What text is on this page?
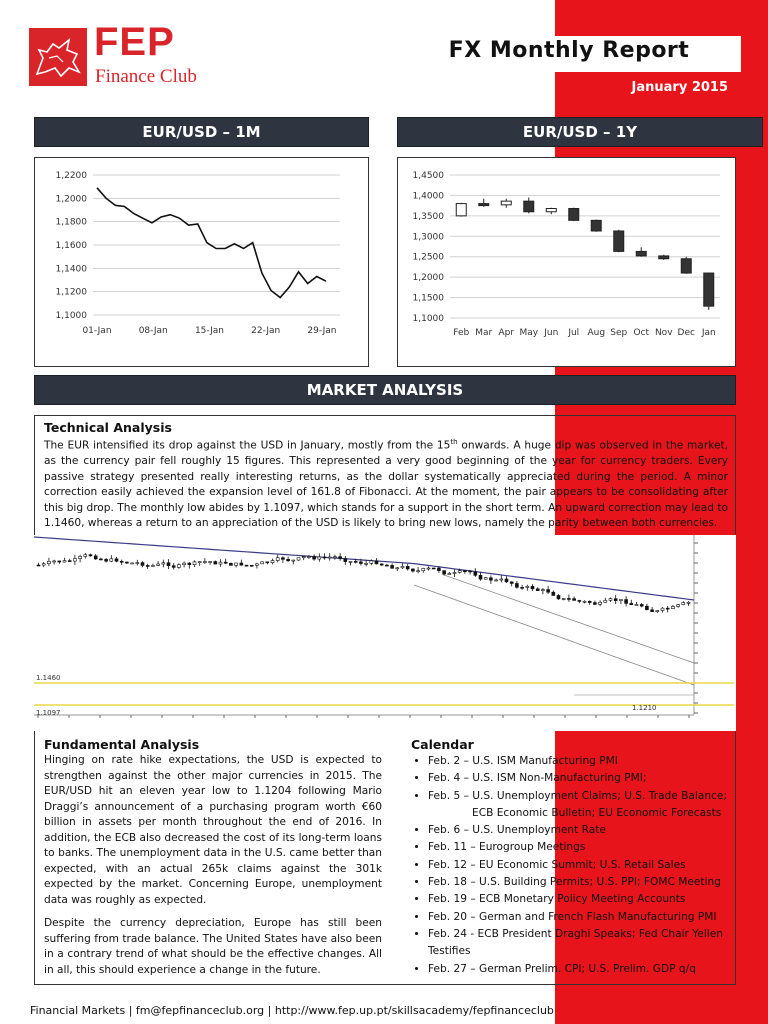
FEP
Finance Club
FX Monthly Report
January 2015
EUR/USD – 1M	EUR/USD – 1Y
1,2200
1,2000
1,1800
1,1600
1,1400
1,1200
1,1000
01-Jan	08-Jan	15-Jan	22-Jan	29-Jan
1,4500
1,4000
1,3500
1,3000
1,2500
1,2000
1,1500
1,1000
Feb Mar Apr May Jun Jul Aug Sep Oct Nov Dec Jan
MARKET ANALYSIS
Technical Analysis
The EUR intensified its drop against the USD in January, mostly from the 15th onwards. A huge dip was observed in the market, as the currency pair fell roughly 15 figures. This represented a very good beginning of the year for currency traders. Every passive strategy presented really interesting returns, as the dollar systematically appreciated during the period. A minor correction easily achieved the expansion level of 161.8 of Fibonacci. At the moment, the pair appears to be consolidating after this big drop. The monthly low abides by 1.1097, which stands for a support in the short term. An upward correction may lead to 1.1460, whereas a return to an appreciation of the USD is likely to bring new lows, namely the parity between both currencies.
1.1460
1.1097
1.1210
Fundamental Analysis
Hinging on rate hike expectations, the USD is expected to strengthen against the other major currencies in 2015. The EUR/USD hit an eleven year low to 1.1204 following Mario Draggi’s announcement of a purchasing program worth €60 billion in assets per month throughout the end of 2016. In addition, the ECB also decreased the cost of its long-term loans to banks. The unemployment data in the U.S. came better than expected, with an actual 265k claims against the 301k expected by the market. Concerning Europe, unemployment data was roughly as expected.
Despite the currency depreciation, Europe has still been suffering from trade balance. The United States have also been in a contrary trend of what should be the effective changes. All in all, this should experience a change in the future.
Calendar
• Feb. 2 – U.S. ISM Manufacturing PMI
• Feb. 4 – U.S. ISM Non-Manufacturing PMI;
• Feb. 5 – U.S. Unemployment Claims; U.S. Trade Balance;
ECB Economic Bulletin; EU Economic Forecasts
• Feb. 6 – U.S. Unemployment Rate
• Feb. 11 – Eurogroup Meetings
• Feb. 12 – EU Economic Summit; U.S. Retail Sales
• Feb. 18 – U.S. Building Permits; U.S. PPI; FOMC Meeting
• Feb. 19 – ECB Monetary Policy Meeting Accounts
• Feb. 20 – German and French Flash Manufacturing PMI
• Feb. 24 - ECB President Draghi Speaks; Fed Chair Yellen Testifies
• Feb. 27 – German Prelim. CPI; U.S. Prelim. GDP q/q
Financial Markets | fm@fepfinanceclub.org | http://www.fep.up.pt/skillsacademy/fepfinanceclub
